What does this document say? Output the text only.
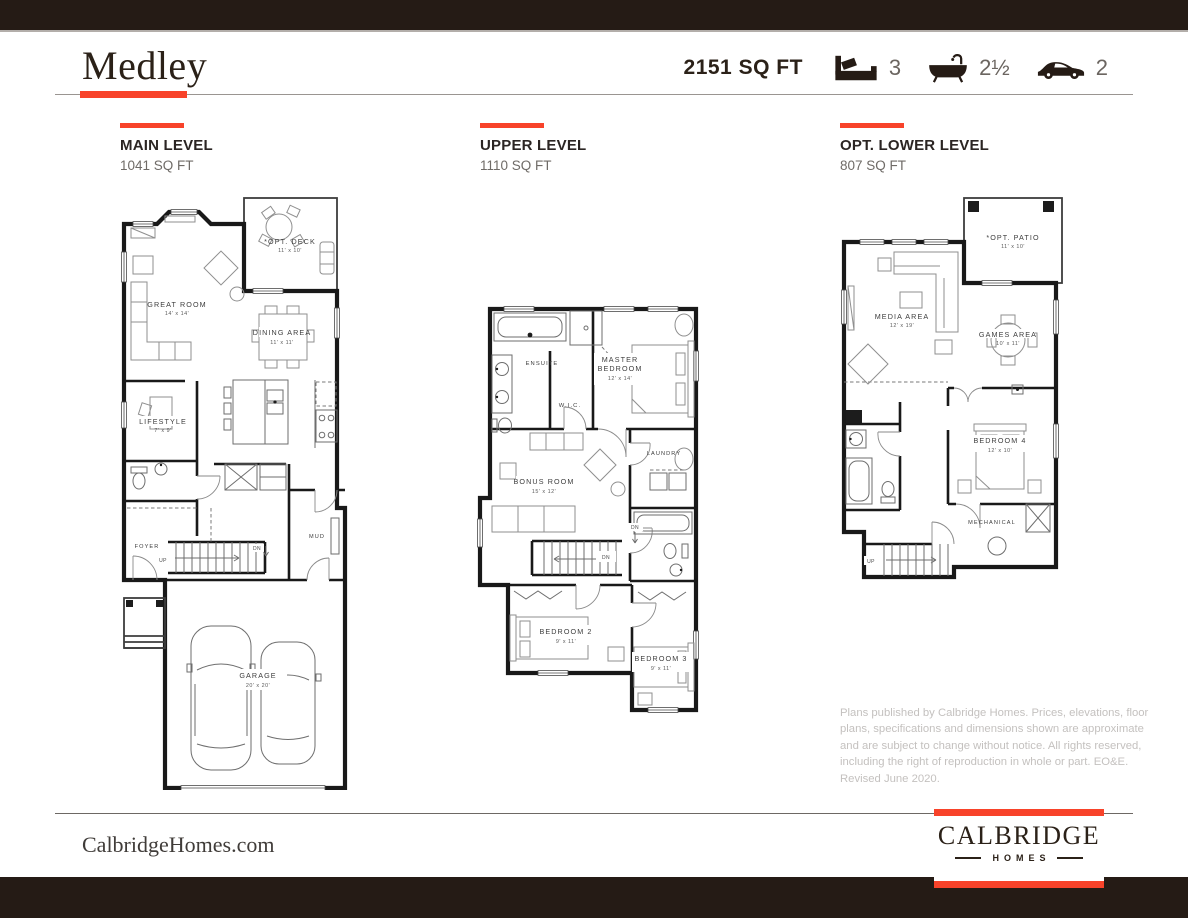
Medley	2151 SQ FT	3	2½	2
MAIN LEVEL
1041 SQ FT
UPPER LEVEL
1110 SQ FT
OPT. LOWER LEVEL
807 SQ FT
*OPT. DECK
11' x 10'
GREAT ROOM
14' x 14'
DINING AREA
11' x 11'
LIFESTYLE
7' x 9'
FOYER
UP
DN
MUD
GARAGE
20' x 20'
ENSUITE
W.I.C.
MASTER
BEDROOM
12' x 14'
LAUNDRY
BONUS ROOM
15' x 12'
DN
DN
BEDROOM 2
9' x 11'
BEDROOM 3
9' x 11'
*OPT. PATIO
11' x 10'
MEDIA AREA
12' x 19'
GAMES AREA
10' x 11'
BEDROOM 4
12' x 10'
MECHANICAL
UP
Plans published by Calbridge Homes. Prices, elevations, floor plans, specifications and dimensions shown are approximate and are subject to change without notice. All rights reserved, including the right of reproduction in whole or part. EO&E. Revised June 2020.
CalbridgeHomes.com	CALBRIDGE
HOMES
